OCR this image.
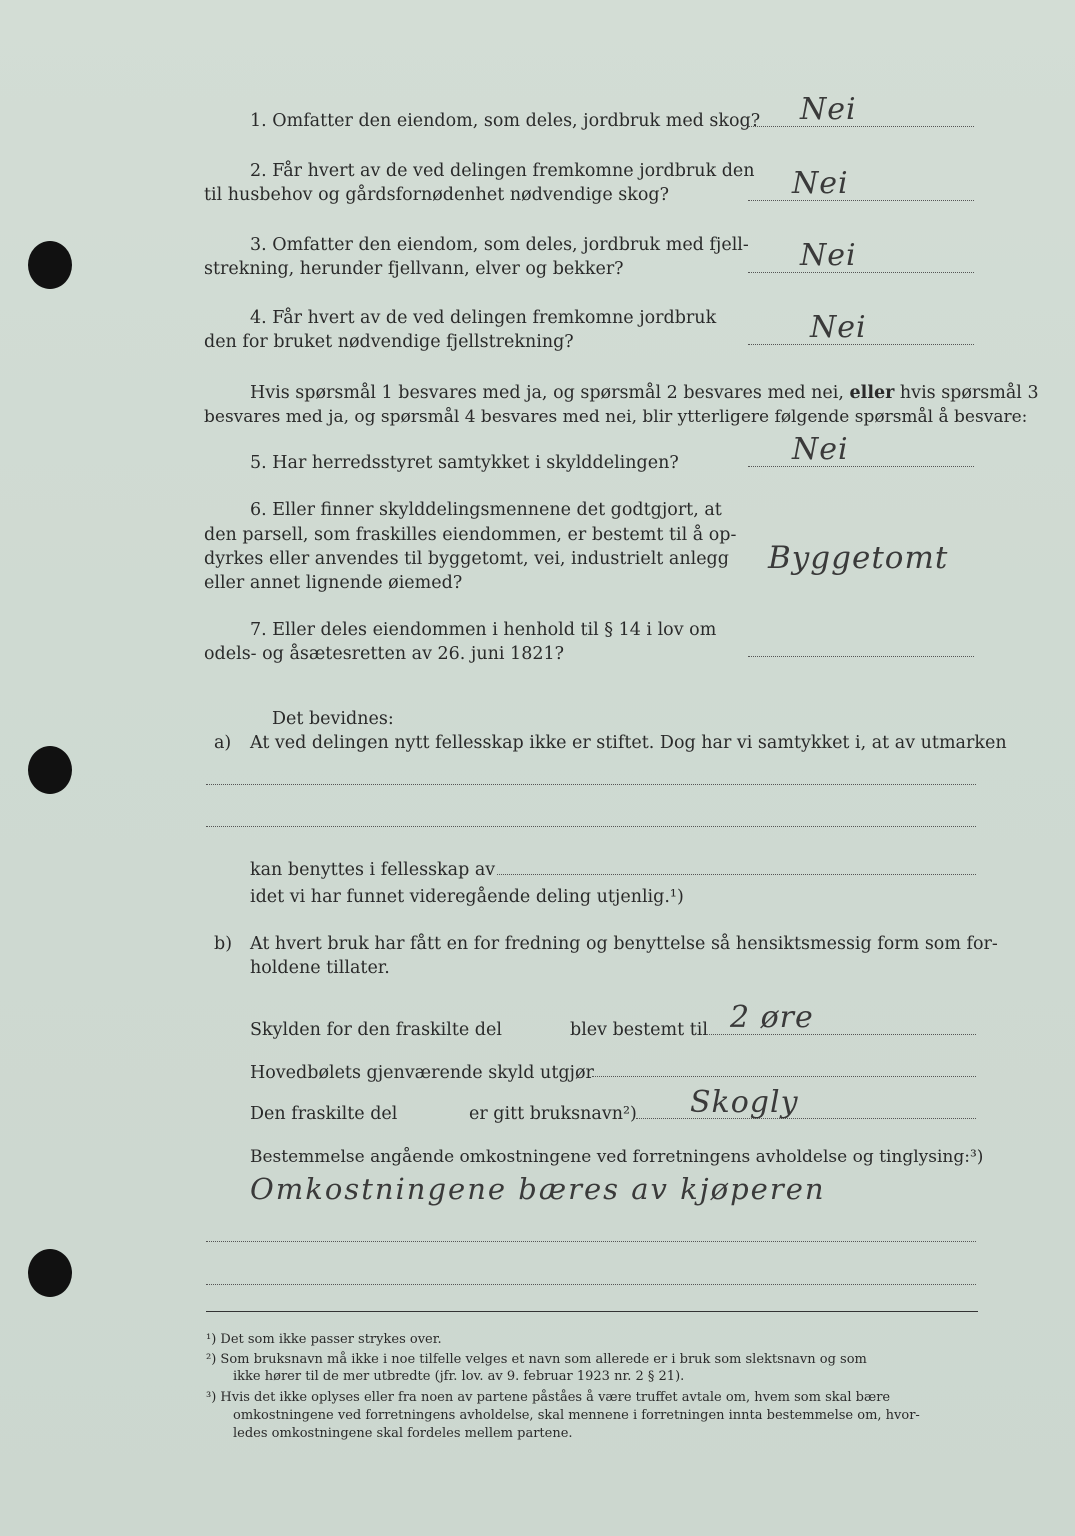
1. Omfatter den eiendom, som deles, jordbruk med skog? Nei
2. Får hvert av de ved delingen fremkomne jordbruk den
til husbehov og gårdsfornødenhet nødvendige skog?	Nei
3. Omfatter den eiendom, som deles, jordbruk med fjell-
strekning, herunder fjellvann, elver og bekker?	Nei
4. Får hvert av de ved delingen fremkomne jordbruk
den for bruket nødvendige fjellstrekning?	Nei
Hvis spørsmål 1 besvares med ja, og spørsmål 2 besvares med nei, eller hvis spørsmål 3
besvares med ja, og spørsmål 4 besvares med nei, blir ytterligere følgende spørsmål å besvare:
5. Har herredsstyret samtykket i skylddelingen?	Nei
6. Eller finner skylddelingsmennene det godtgjort, at
den parsell, som fraskilles eiendommen, er bestemt til å op-
dyrkes eller anvendes til byggetomt, vei, industrielt anlegg
eller annet lignende øiemed?
Byggetomt
7. Eller deles eiendommen i henhold til § 14 i lov om
odels- og åsætesretten av 26. juni 1821?
Det bevidnes:
a) At ved delingen nytt fellesskap ikke er stiftet. Dog har vi samtykket i, at av utmarken
kan benyttes i fellesskap av
idet vi har funnet videregående deling utjenlig.¹)
b) At hvert bruk har fått en for fredning og benyttelse så hensiktsmessig form som for-
holdene tillater.
Skylden for den fraskilte del	blev bestemt til 2 øre
Hovedbølets gjenværende skyld utgjør
Den fraskilte del	er gitt bruksnavn²) Skogly
Bestemmelse angående omkostningene ved forretningens avholdelse og tinglysing:³)
Omkostningene bæres av kjøperen
¹) Det som ikke passer strykes over.
²) Som bruksnavn må ikke i noe tilfelle velges et navn som allerede er i bruk som slektsnavn og som
ikke hører til de mer utbredte (jfr. lov. av 9. februar 1923 nr. 2 § 21).
³) Hvis det ikke oplyses eller fra noen av partene påståes å være truffet avtale om, hvem som skal bære
omkostningene ved forretningens avholdelse, skal mennene i forretningen innta bestemmelse om, hvor-
ledes omkostningene skal fordeles mellem partene.
